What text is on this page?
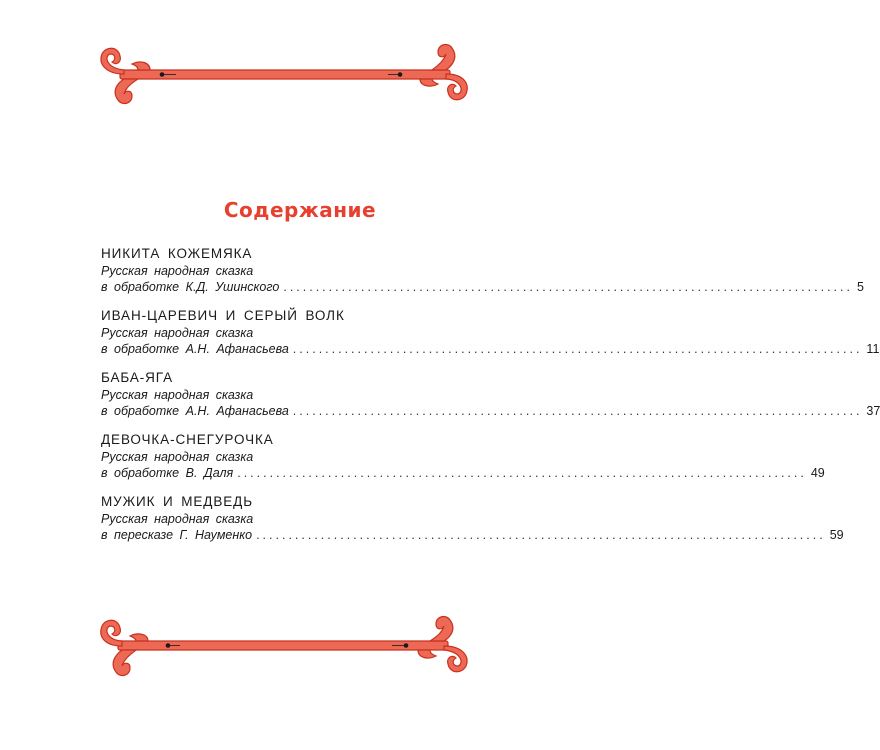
Содержание
НИКИТА КОЖЕМЯКА
Русская народная сказка
в обработке К.Д. Ушинского ........................................................................................ 5
ИВАН-ЦАРЕВИЧ И СЕРЫЙ ВОЛК
Русская народная сказка
в обработке А.Н. Афанасьева ........................................................................................ 11
БАБА-ЯГА
Русская народная сказка
в обработке А.Н. Афанасьева ........................................................................................ 37
ДЕВОЧКА-СНЕГУРОЧКА
Русская народная сказка
в обработке В. Даля ........................................................................................ 49
МУЖИК И МЕДВЕДЬ
Русская народная сказка
в пересказе Г. Науменко ........................................................................................ 59
